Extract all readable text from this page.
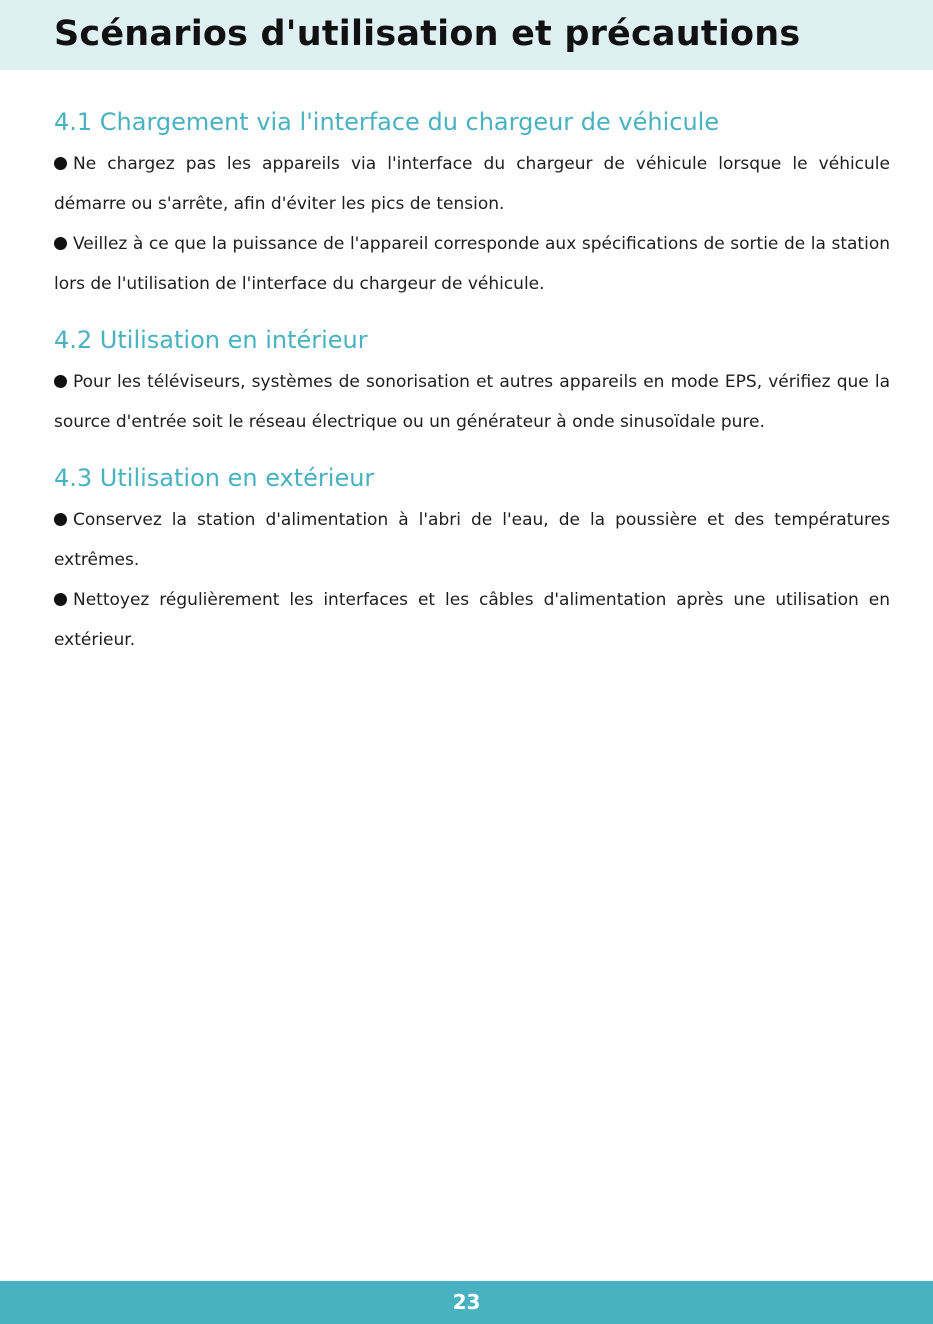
Scénarios d'utilisation et précautions
4.1 Chargement via l'interface du chargeur de véhicule

Ne chargez pas les appareils via l'interface du chargeur de véhicule lorsque le véhicule démarre ou s'arrête, afin d'éviter les pics de tension.

Veillez à ce que la puissance de l'appareil corresponde aux spécifications de sortie de la station lors de l'utilisation de l'interface du chargeur de véhicule.

4.2 Utilisation en intérieur

Pour les téléviseurs, systèmes de sonorisation et autres appareils en mode EPS, vérifiez que la source d'entrée soit le réseau électrique ou un générateur à onde sinusoïdale pure.

4.3 Utilisation en extérieur

Conservez la station d'alimentation à l'abri de l'eau, de la poussière et des températures extrêmes.

Nettoyez régulièrement les interfaces et les câbles d'alimentation après une utilisation en extérieur.

23
